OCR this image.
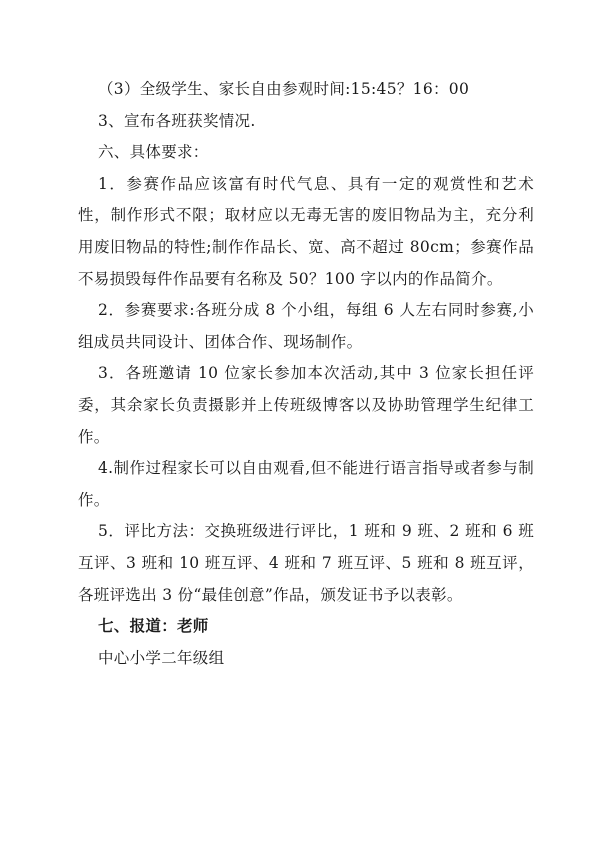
（3）全级学生、家长自由参观时间:15:45？16：00

3、宣布各班获奖情况.

六、具体要求：

1．参赛作品应该富有时代气息、具有一定的观赏性和艺术性，制作形式不限；取材应以无毒无害的废旧物品为主，充分利用废旧物品的特性;制作作品长、宽、高不超过 80cm；参赛作品不易损毁每件作品要有名称及 50？100 字以内的作品简介。

2．参赛要求:各班分成 8 个小组，每组 6 人左右同时参赛,小组成员共同设计、团体合作、现场制作。

3．各班邀请 10 位家长参加本次活动,其中 3 位家长担任评委，其余家长负责摄影并上传班级博客以及协助管理学生纪律工作。

4.制作过程家长可以自由观看,但不能进行语言指导或者参与制作。

5．评比方法：交换班级进行评比，1 班和 9 班、2 班和 6 班互评、3 班和 10 班互评、4 班和 7 班互评、5 班和 8 班互评，各班评选出 3 份“最佳创意”作品，颁发证书予以表彰。

七、报道：老师

中心小学二年级组
